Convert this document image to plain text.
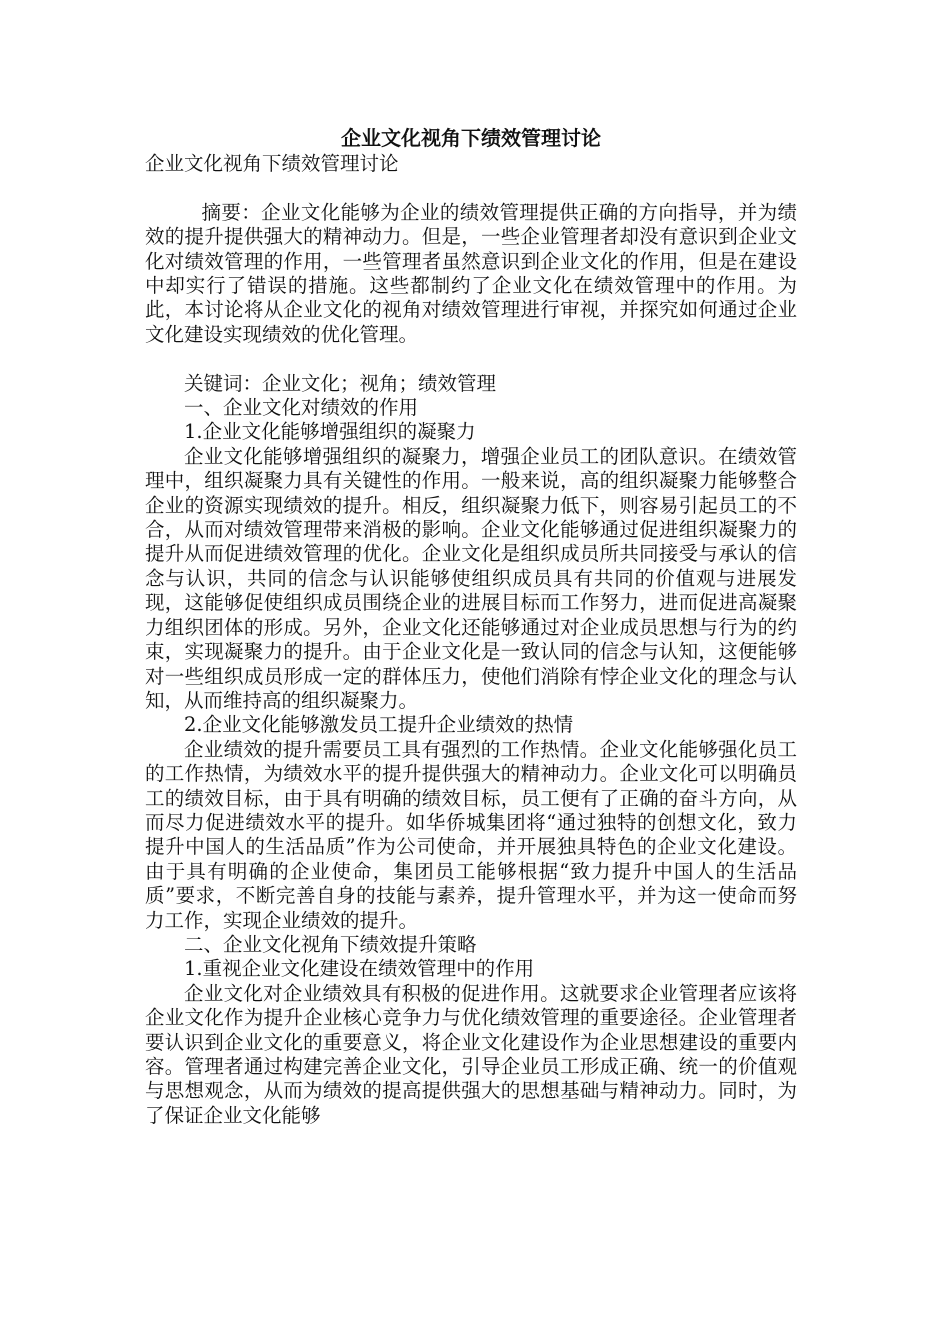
企业文化视角下绩效管理讨论

企业文化视角下绩效管理讨论

摘要：企业文化能够为企业的绩效管理提供正确的方向指导，并为绩效的提升提供强大的精神动力。但是，一些企业管理者却没有意识到企业文化对绩效管理的作用，一些管理者虽然意识到企业文化的作用，但是在建设中却实行了错误的措施。这些都制约了企业文化在绩效管理中的作用。为此，本讨论将从企业文化的视角对绩效管理进行审视，并探究如何通过企业文化建设实现绩效的优化管理。

关键词：企业文化；视角；绩效管理

一、企业文化对绩效的作用

1.企业文化能够增强组织的凝聚力

企业文化能够增强组织的凝聚力，增强企业员工的团队意识。在绩效管理中，组织凝聚力具有关键性的作用。一般来说，高的组织凝聚力能够整合企业的资源实现绩效的提升。相反，组织凝聚力低下，则容易引起员工的不合，从而对绩效管理带来消极的影响。企业文化能够通过促进组织凝聚力的提升从而促进绩效管理的优化。企业文化是组织成员所共同接受与承认的信念与认识，共同的信念与认识能够使组织成员具有共同的价值观与进展发现，这能够促使组织成员围绕企业的进展目标而工作努力，进而促进高凝聚力组织团体的形成。另外，企业文化还能够通过对企业成员思想与行为的约束，实现凝聚力的提升。由于企业文化是一致认同的信念与认知，这便能够对一些组织成员形成一定的群体压力，使他们消除有悖企业文化的理念与认知，从而维持高的组织凝聚力。

2.企业文化能够激发员工提升企业绩效的热情

企业绩效的提升需要员工具有强烈的工作热情。企业文化能够强化员工的工作热情，为绩效水平的提升提供强大的精神动力。企业文化可以明确员工的绩效目标，由于具有明确的绩效目标，员工便有了正确的奋斗方向，从而尽力促进绩效水平的提升。如华侨城集团将“通过独特的创想文化，致力提升中国人的生活品质”作为公司使命，并开展独具特色的企业文化建设。由于具有明确的企业使命，集团员工能够根据“致力提升中国人的生活品质”要求，不断完善自身的技能与素养，提升管理水平，并为这一使命而努力工作，实现企业绩效的提升。

二、企业文化视角下绩效提升策略

1.重视企业文化建设在绩效管理中的作用

企业文化对企业绩效具有积极的促进作用。这就要求企业管理者应该将企业文化作为提升企业核心竞争力与优化绩效管理的重要途径。企业管理者要认识到企业文化的重要意义，将企业文化建设作为企业思想建设的重要内容。管理者通过构建完善企业文化，引导企业员工形成正确、统一的价值观与思想观念，从而为绩效的提高提供强大的思想基础与精神动力。同时，为了保证企业文化能够
